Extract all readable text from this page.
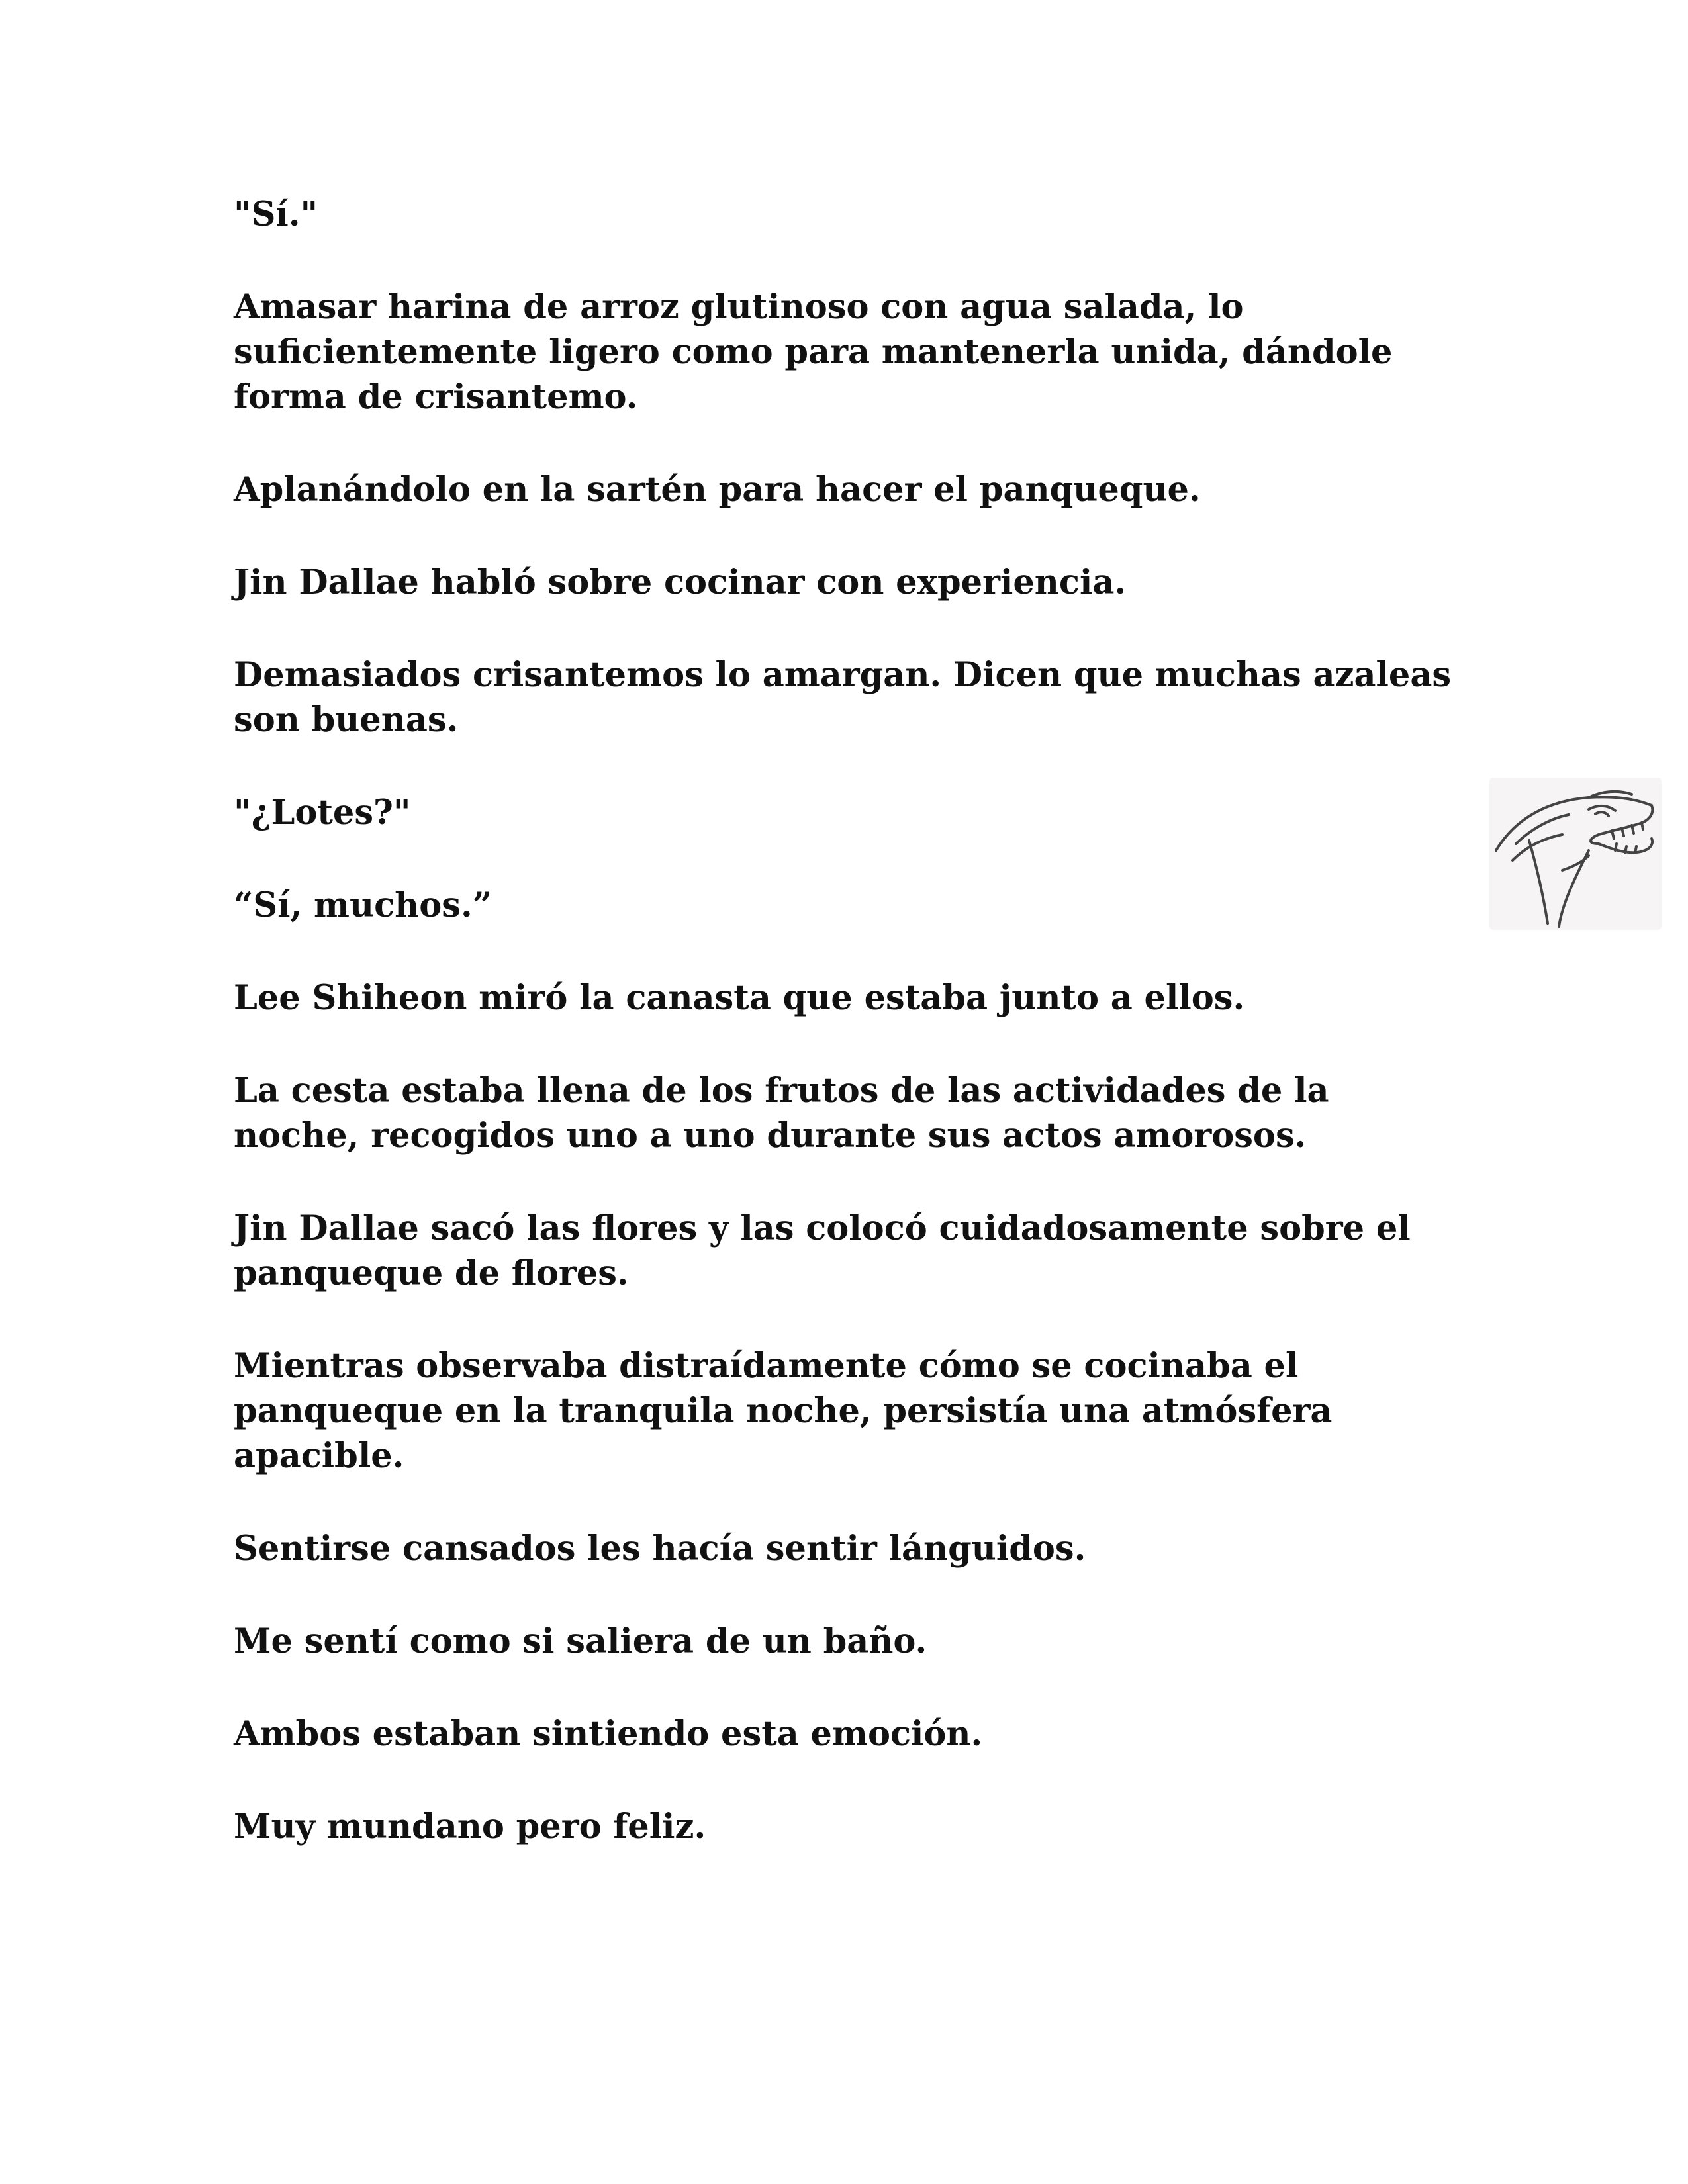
"Sí."

Amasar harina de arroz glutinoso con agua salada, lo suficientemente ligero como para mantenerla unida, dándole forma de crisantemo.

Aplanándolo en la sartén para hacer el panqueque.

Jin Dallae habló sobre cocinar con experiencia.

Demasiados crisantemos lo amargan. Dicen que muchas azaleas son buenas.

"¿Lotes?"

“Sí, muchos.”

Lee Shiheon miró la canasta que estaba junto a ellos.

La cesta estaba llena de los frutos de las actividades de la noche, recogidos uno a uno durante sus actos amorosos.

Jin Dallae sacó las flores y las colocó cuidadosamente sobre el panqueque de flores.

Mientras observaba distraídamente cómo se cocinaba el panqueque en la tranquila noche, persistía una atmósfera apacible.

Sentirse cansados les hacía sentir lánguidos.

Me sentí como si saliera de un baño.

Ambos estaban sintiendo esta emoción.

Muy mundano pero feliz.
